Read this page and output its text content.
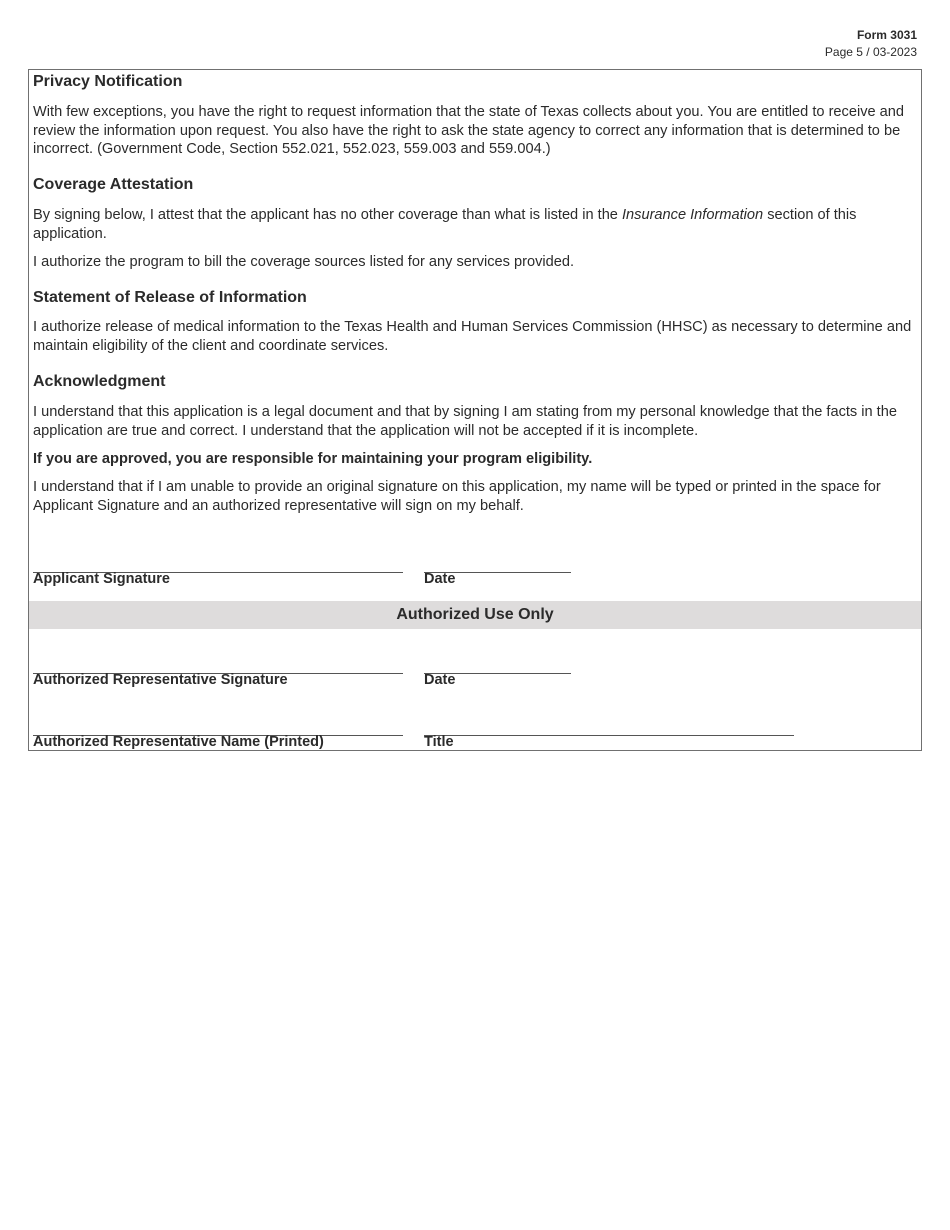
Form 3031
Page 5 / 03-2023
Privacy Notification
With few exceptions, you have the right to request information that the state of Texas collects about you. You are entitled to receive and review the information upon request. You also have the right to ask the state agency to correct any information that is determined to be incorrect. (Government Code, Section 552.021, 552.023, 559.003 and 559.004.)
Coverage Attestation
By signing below, I attest that the applicant has no other coverage than what is listed in the Insurance Information section of this application.
I authorize the program to bill the coverage sources listed for any services provided.
Statement of Release of Information
I authorize release of medical information to the Texas Health and Human Services Commission (HHSC) as necessary to determine and maintain eligibility of the client and coordinate services.
Acknowledgment
I understand that this application is a legal document and that by signing I am stating from my personal knowledge that the facts in the application are true and correct. I understand that the application will not be accepted if it is incomplete.
If you are approved, you are responsible for maintaining your program eligibility.
I understand that if I am unable to provide an original signature on this application, my name will be typed or printed in the space for Applicant Signature and an authorized representative will sign on my behalf.
Applicant Signature	Date
Authorized Use Only
Authorized Representative Signature	Date
Authorized Representative Name (Printed)	Title
